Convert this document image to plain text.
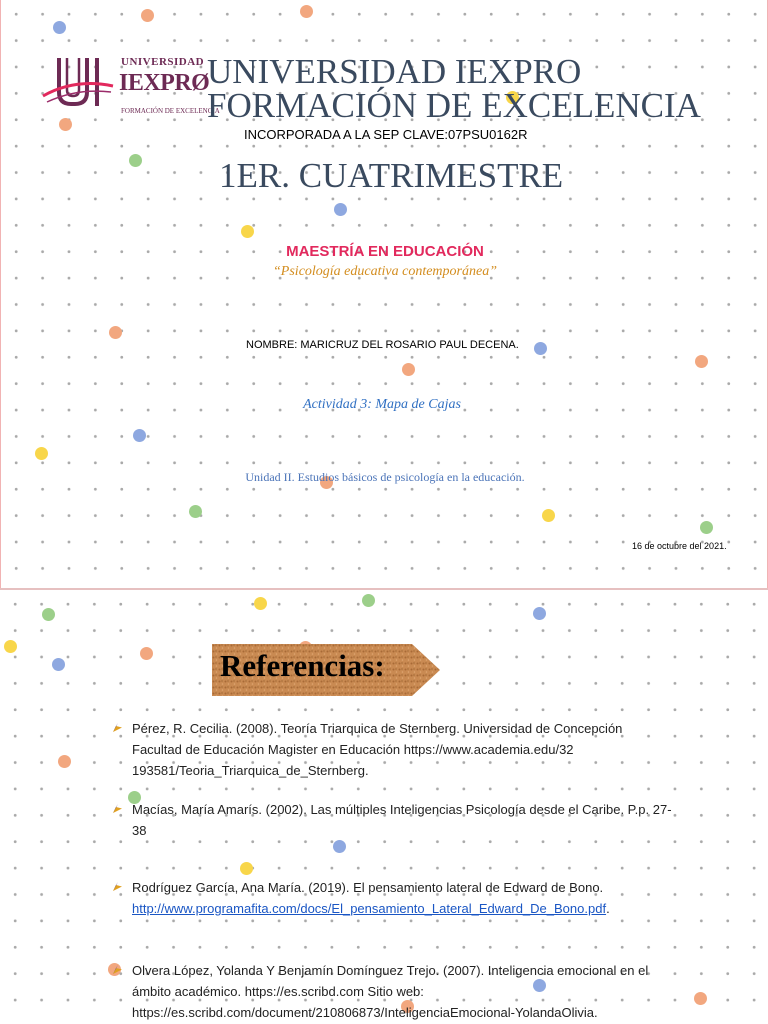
UNIVERSIDAD
IEXPRØ
FORMACIÓN DE EXCELENCIA
UNIVERSIDAD IEXPRO
FORMACIÓN DE EXCELENCIA
INCORPORADA A LA SEP CLAVE:07PSU0162R
1ER. CUATRIMESTRE
MAESTRÍA EN EDUCACIÓN
“Psicología educativa contemporánea”
NOMBRE: MARICRUZ DEL ROSARIO PAUL DECENA.
Actividad 3: Mapa de Cajas
Unidad II. Estudios básicos de psicología en la educación.
16 de octubre del 2021.
Referencias:
Pérez, R. Cecilia. (2008). Teoría Triarquica de Sternberg. Universidad de Concepción Facultad de Educación Magister en Educación https://www.academia.edu/32 193581/Teoria_Triarquica_de_Sternberg.
Macías, María Amarís. (2002). Las múltiples Inteligencias Psicología desde el Caribe. P.p. 27-38
Rodríguez García, Ana María. (2019). El pensamiento lateral de Edward de Bono.
http://www.programafita.com/docs/El_pensamiento_Lateral_Edward_De_Bono.pdf.
Olvera López, Yolanda Y Benjamín Domínguez Trejo. (2007). Inteligencia emocional en el ámbito académico. https://es.scribd.com Sitio web: https://es.scribd.com/document/210806873/InteligenciaEmocional-YolandaOlivia.
